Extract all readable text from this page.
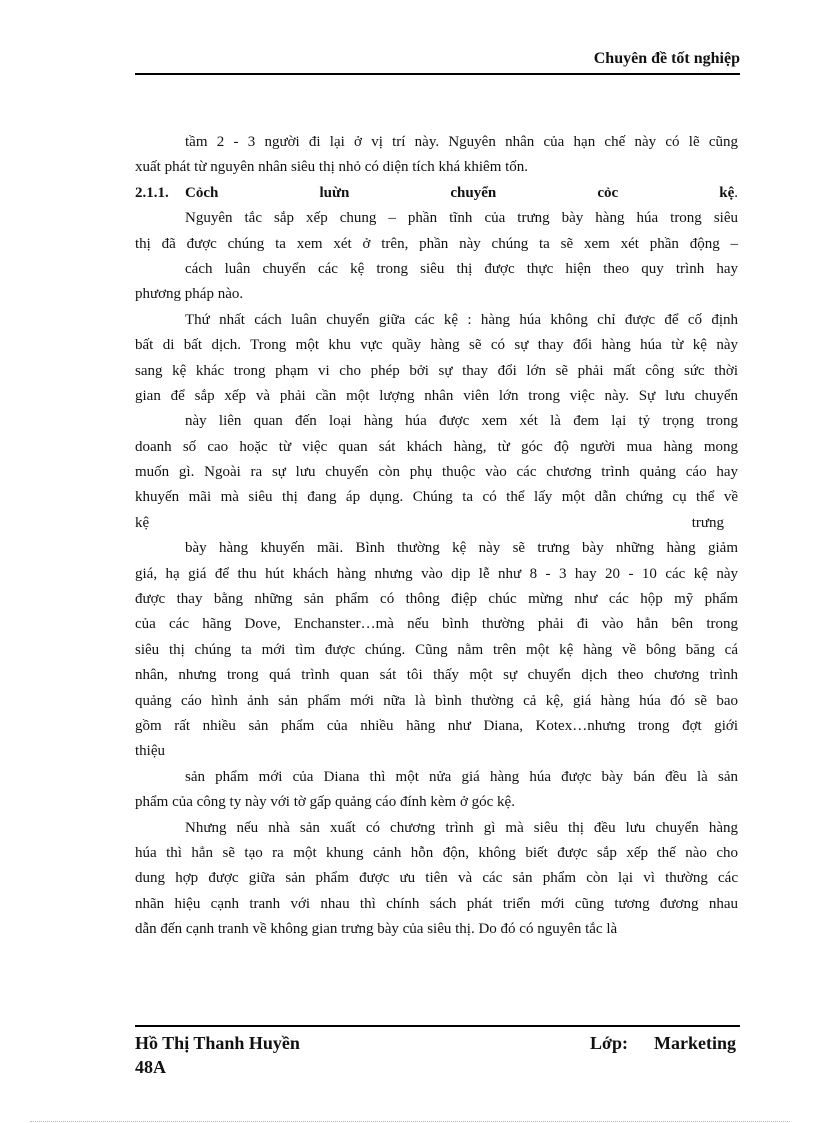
Chuyên đề tốt nghiệp
tầm 2 - 3 người đi lại ở vị trí này. Nguyên nhân của hạn chế này có lẽ cũng
xuất phát từ nguyên nhân siêu thị nhỏ có diện tích khá khiêm tốn.
2.1.1. Cỏch	luừn	chuyển	cỏc	kệ.
Nguyên tắc sắp xếp chung – phần tĩnh của trưng bày hàng húa trong siêu
thị đã được chúng ta xem xét ở trên, phần này chúng ta sẽ xem xét phần động –
cách luân chuyển các kệ trong siêu thị được thực hiện theo quy trình hay
phương pháp nào.
Thứ nhất cách luân chuyển giữa các kệ : hàng húa không chỉ được để cố định
bất di bất dịch. Trong một khu vực quầy hàng sẽ có sự thay đổi hàng húa từ kệ này
sang kệ khác trong phạm vi cho phép bởi sự thay đổi lớn sẽ phải mất công sức thời
gian để sắp xếp và phải cần một lượng nhân viên lớn trong việc này. Sự lưu chuyển
này liên quan đến loại hàng húa được xem xét là đem lại tỷ trọng trong
doanh số cao hoặc từ việc quan sát khách hàng, từ góc độ người mua hàng mong
muốn gì. Ngoài ra sự lưu chuyển còn phụ thuộc vào các chương trình quảng cáo hay
khuyến mãi mà siêu thị đang áp dụng. Chúng ta có thể lấy một dẫn chứng cụ thể về
kệ	trưng
bày hàng khuyến mãi. Bình thường kệ này sẽ trưng bày những hàng giảm
giá, hạ giá để thu hút khách hàng nhưng vào dịp lễ như 8 - 3 hay 20 - 10 các kệ này
được thay bằng những sản phẩm có thông điệp chúc mừng như các hộp mỹ phẩm
của các hãng Dove, Enchanster…mà nếu bình thường phải đi vào hẳn bên trong
siêu thị chúng ta mới tìm được chúng. Cũng nằm trên một kệ hàng về bông băng cá
nhân, nhưng trong quá trình quan sát tôi thấy một sự chuyển dịch theo chương trình
quảng cáo hình ảnh sản phẩm mới nữa là bình thường cả kệ, giá hàng húa đó sẽ bao
gồm rất nhiều sản phẩm của nhiều hãng như Diana, Kotex…nhưng trong đợt giới
thiệu
sản phẩm mới của Diana thì một nửa giá hàng húa được bày bán đều là sản
phẩm của công ty này với tờ gấp quảng cáo đính kèm ở góc kệ.
Nhưng nếu nhà sản xuất có chương trình gì mà siêu thị đều lưu chuyển hàng
húa thì hẳn sẽ tạo ra một khung cảnh hỗn độn, không biết được sắp xếp thế nào cho
dung hợp được giữa sản phẩm được ưu tiên và các sản phẩm còn lại vì thường các
nhãn hiệu cạnh tranh với nhau thì chính sách phát triển mới cũng tương đương nhau
dẫn đến cạnh tranh về không gian trưng bày của siêu thị. Do đó có nguyên tắc là
Hồ Thị Thanh Huyền
48A
Lớp: Marketing
